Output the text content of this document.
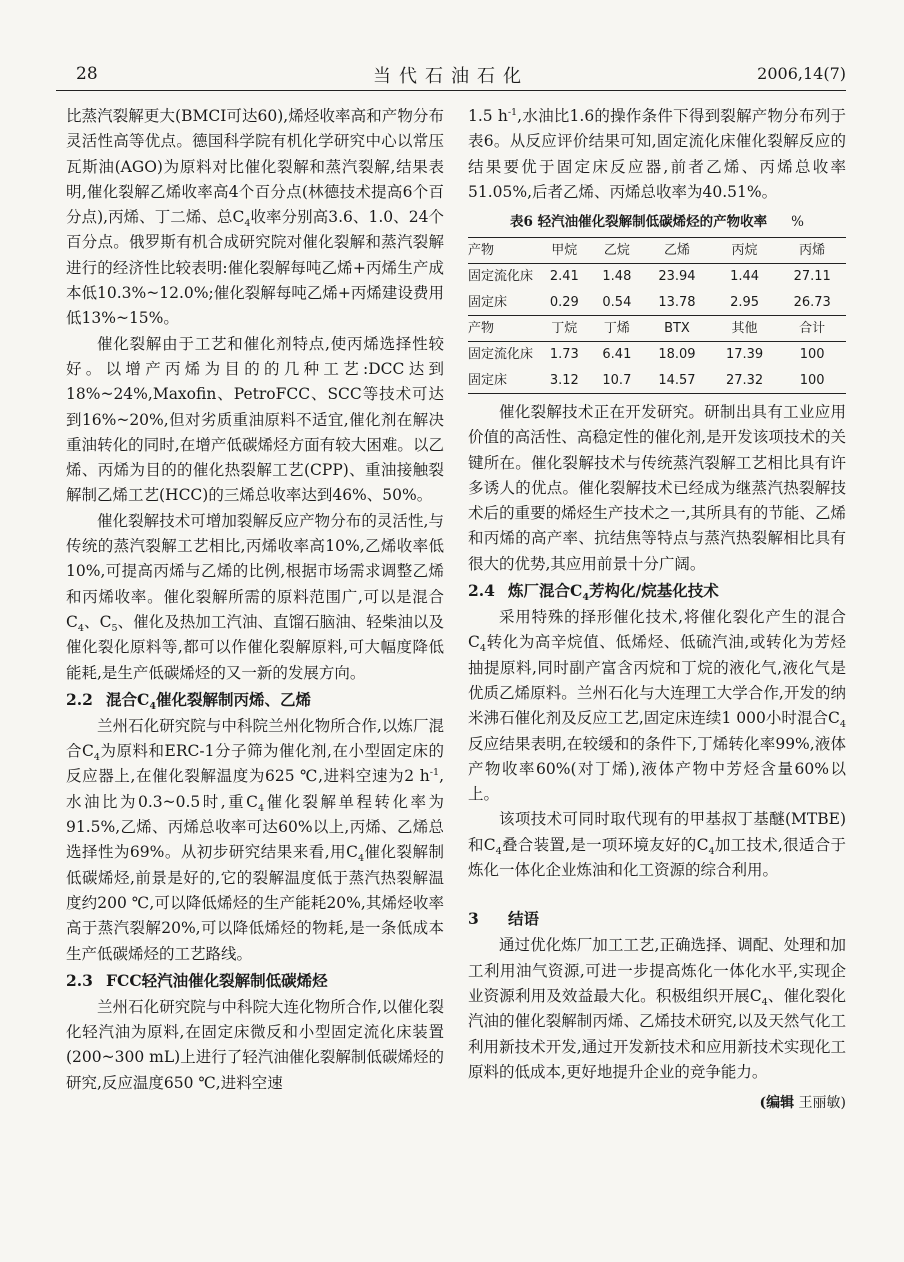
28	当代石油石化	2006,14(7)

比蒸汽裂解更大(BMCI可达60),烯烃收率高和产物分布灵活性高等优点。德国科学院有机化学研究中心以常压瓦斯油(AGO)为原料对比催化裂解和蒸汽裂解,结果表明,催化裂解乙烯收率高4个百分点(林德技术提高6个百分点),丙烯、丁二烯、总$C_4$收率分别高3.6、1.0、24个百分点。俄罗斯有机合成研究院对催化裂解和蒸汽裂解进行的经济性比较表明:催化裂解每吨乙烯+丙烯生产成本低10.3%~12.0%;催化裂解每吨乙烯+丙烯建设费用低13%~15%。

催化裂解由于工艺和催化剂特点,使丙烯选择性较好。以增产丙烯为目的的几种工艺:DCC达到18%~24%,Maxofin、PetroFCC、SCC等技术可达到16%~20%,但对劣质重油原料不适宜,催化剂在解决重油转化的同时,在增产低碳烯烃方面有较大困难。以乙烯、丙烯为目的的催化热裂解工艺(CPP)、重油接触裂解制乙烯工艺(HCC)的三烯总收率达到46%、50%。

催化裂解技术可增加裂解反应产物分布的灵活性,与传统的蒸汽裂解工艺相比,丙烯收率高10%,乙烯收率低10%,可提高丙烯与乙烯的比例,根据市场需求调整乙烯和丙烯收率。催化裂解所需的原料范围广,可以是混合$C_4$、$C_5$、催化及热加工汽油、直馏石脑油、轻柴油以及催化裂化原料等,都可以作催化裂解原料,可大幅度降低能耗,是生产低碳烯烃的又一新的发展方向。

2.2 混合$C_4$催化裂解制丙烯、乙烯

兰州石化研究院与中科院兰州化物所合作,以炼厂混合$C_4$为原料和ERC-1分子筛为催化剂,在小型固定床的反应器上,在催化裂解温度为625 ℃,进料空速为2 $h^{-1}$,水油比为0.3~0.5时,重$C_4$催化裂解单程转化率为91.5%,乙烯、丙烯总收率可达60%以上,丙烯、乙烯总选择性为69%。从初步研究结果来看,用$C_4$催化裂解制低碳烯烃,前景是好的,它的裂解温度低于蒸汽热裂解温度约200 ℃,可以降低烯烃的生产能耗20%,其烯烃收率高于蒸汽裂解20%,可以降低烯烃的物耗,是一条低成本生产低碳烯烃的工艺路线。

2.3 FCC轻汽油催化裂解制低碳烯烃

兰州石化研究院与中科院大连化物所合作,以催化裂化轻汽油为原料,在固定床微反和小型固定流化床装置(200~300 mL)上进行了轻汽油催化裂解制低碳烯烃的研究,反应温度650 ℃,进料空速

1.5 $h^{-1}$,水油比1.6的操作条件下得到裂解产物分布列于表6。从反应评价结果可知,固定流化床催化裂解反应的结果要优于固定床反应器,前者乙烯、丙烯总收率51.05%,后者乙烯、丙烯总收率为40.51%。

表6 轻汽油催化裂解制低碳烯烃的产物收率 %
产物	甲烷	乙烷	乙烯	丙烷	丙烯
固定流化床	2.41	1.48	23.94	1.44	27.11
固定床	0.29	0.54	13.78	2.95	26.73
产物	丁烷	丁烯	BTX	其他	合计
固定流化床	1.73	6.41	18.09	17.39	100
固定床	3.12	10.7	14.57	27.32	100

催化裂解技术正在开发研究。研制出具有工业应用价值的高活性、高稳定性的催化剂,是开发该项技术的关键所在。催化裂解技术与传统蒸汽裂解工艺相比具有许多诱人的优点。催化裂解技术已经成为继蒸汽热裂解技术后的重要的烯烃生产技术之一,其所具有的节能、乙烯和丙烯的高产率、抗结焦等特点与蒸汽热裂解相比具有很大的优势,其应用前景十分广阔。

2.4 炼厂混合$C_4$芳构化/烷基化技术

采用特殊的择形催化技术,将催化裂化产生的混合$C_4$转化为高辛烷值、低烯烃、低硫汽油,或转化为芳烃抽提原料,同时副产富含丙烷和丁烷的液化气,液化气是优质乙烯原料。兰州石化与大连理工大学合作,开发的纳米沸石催化剂及反应工艺,固定床连续1 000小时混合$C_4$反应结果表明,在较缓和的条件下,丁烯转化率99%,液体产物收率60%(对丁烯),液体产物中芳烃含量60%以上。

该项技术可同时取代现有的甲基叔丁基醚(MTBE)和$C_4$叠合装置,是一项环境友好的$C_4$加工技术,很适合于炼化一体化企业炼油和化工资源的综合利用。

3 结语

通过优化炼厂加工工艺,正确选择、调配、处理和加工利用油气资源,可进一步提高炼化一体化水平,实现企业资源利用及效益最大化。积极组织开展$C_4$、催化裂化汽油的催化裂解制丙烯、乙烯技术研究,以及天然气化工利用新技术开发,通过开发新技术和应用新技术实现化工原料的低成本,更好地提升企业的竞争能力。

(编辑 王丽敏)
